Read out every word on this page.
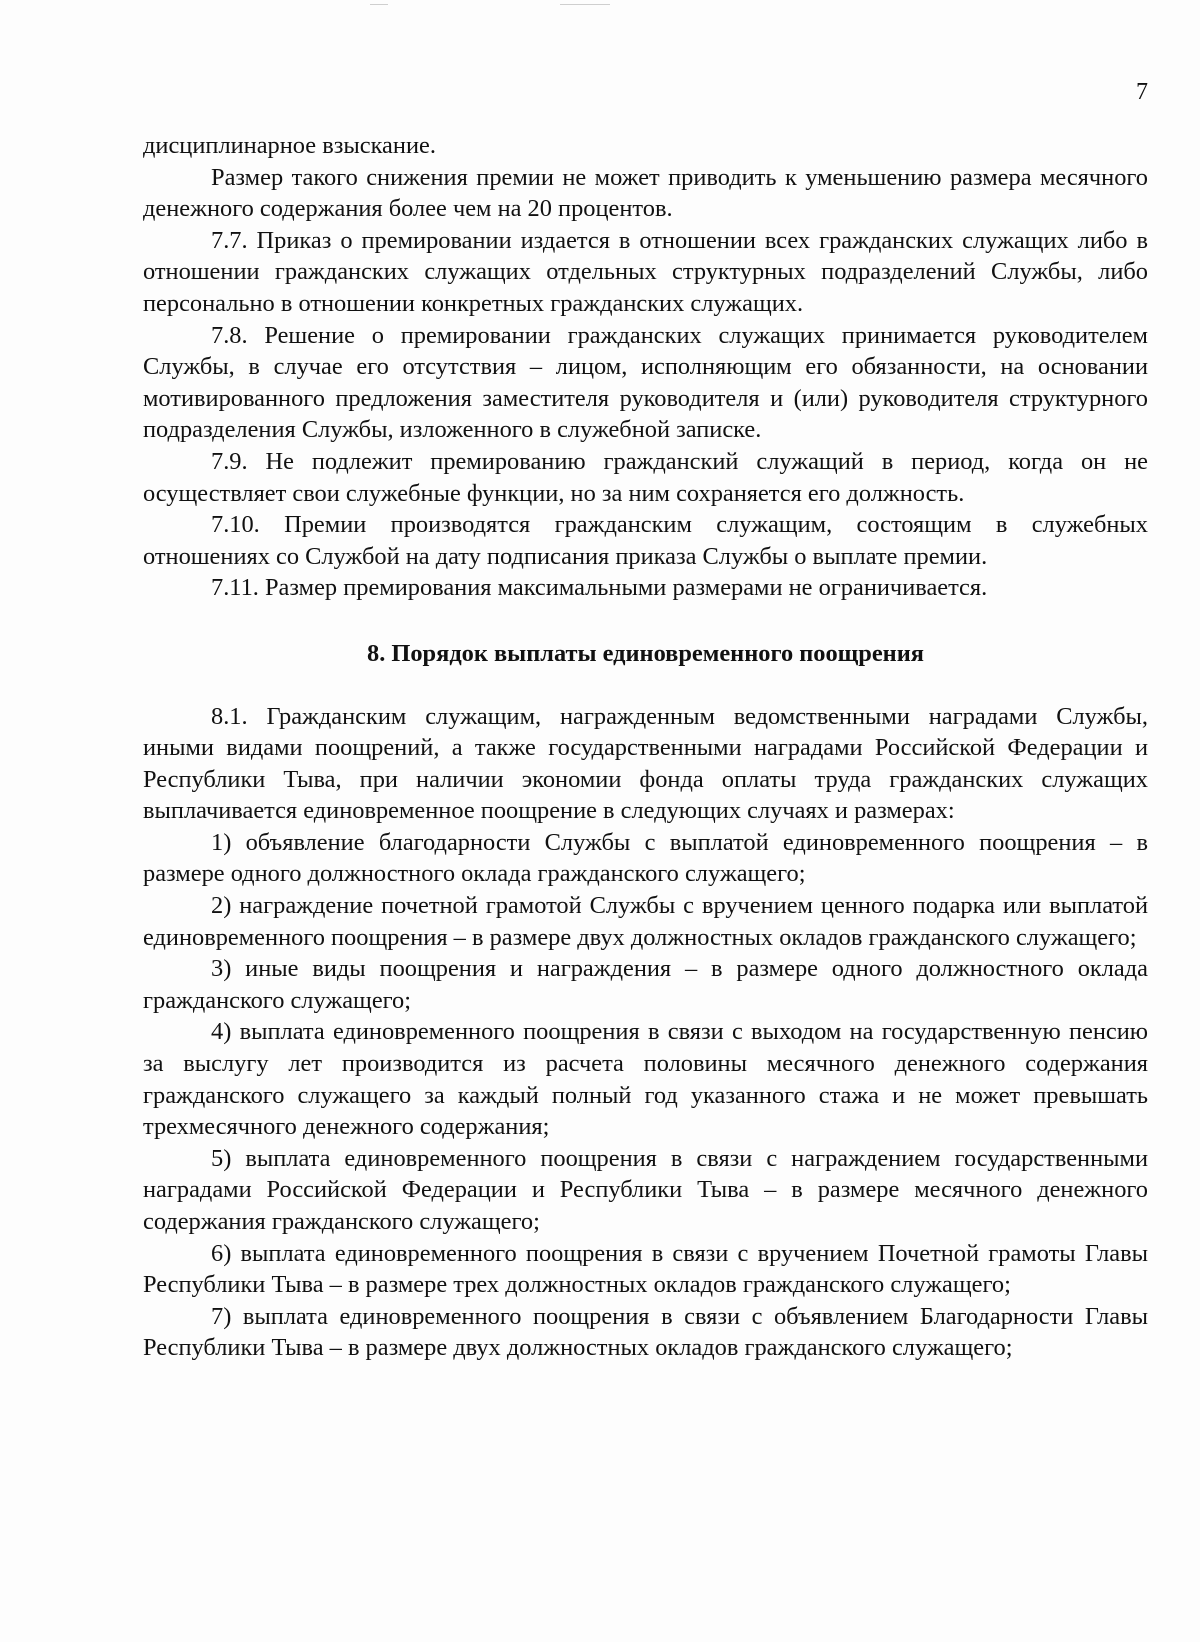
7

дисциплинарное взыскание.

Размер такого снижения премии не может приводить к уменьшению размера месячного денежного содержания более чем на 20 процентов.

7.7. Приказ о премировании издается в отношении всех гражданских служащих либо в отношении гражданских служащих отдельных структурных подразделений Службы, либо персонально в отношении конкретных гражданских служащих.

7.8. Решение о премировании гражданских служащих принимается руководителем Службы, в случае его отсутствия – лицом, исполняющим его обязанности, на основании мотивированного предложения заместителя руководителя и (или) руководителя структурного подразделения Службы, изложенного в служебной записке.

7.9. Не подлежит премированию гражданский служащий в период, когда он не осуществляет свои служебные функции, но за ним сохраняется его должность.

7.10. Премии производятся гражданским служащим, состоящим в служебных отношениях со Службой на дату подписания приказа Службы о выплате премии.

7.11. Размер премирования максимальными размерами не ограничивается.

8. Порядок выплаты единовременного поощрения

8.1. Гражданским служащим, награжденным ведомственными наградами Службы, иными видами поощрений, а также государственными наградами Российской Федерации и Республики Тыва, при наличии экономии фонда оплаты труда гражданских служащих выплачивается единовременное поощрение в следующих случаях и размерах:

1) объявление благодарности Службы с выплатой единовременного поощрения – в размере одного должностного оклада гражданского служащего;

2) награждение почетной грамотой Службы с вручением ценного подарка или выплатой единовременного поощрения – в размере двух должностных окладов гражданского служащего;

3) иные виды поощрения и награждения – в размере одного должностного оклада гражданского служащего;

4) выплата единовременного поощрения в связи с выходом на государственную пенсию за выслугу лет производится из расчета половины месячного денежного содержания гражданского служащего за каждый полный год указанного стажа и не может превышать трехмесячного денежного содержания;

5) выплата единовременного поощрения в связи с награждением государственными наградами Российской Федерации и Республики Тыва – в размере месячного денежного содержания гражданского служащего;

6) выплата единовременного поощрения в связи с вручением Почетной грамоты Главы Республики Тыва – в размере трех должностных окладов гражданского служащего;

7) выплата единовременного поощрения в связи с объявлением Благодарности Главы Республики Тыва – в размере двух должностных окладов гражданского служащего;
